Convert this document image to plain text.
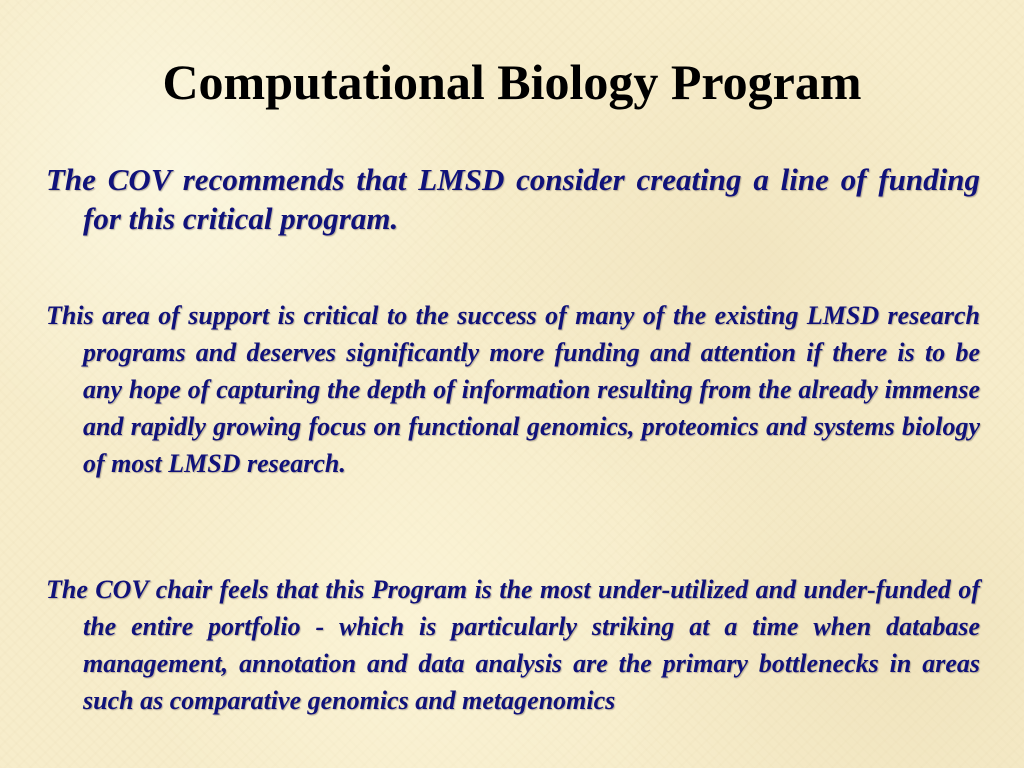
Computational Biology Program

The COV recommends that LMSD consider creating a line of funding for this critical program.

This area of support is critical to the success of many of the existing LMSD research programs and deserves significantly more funding and attention if there is to be any hope of capturing the depth of information resulting from the already immense and rapidly growing focus on functional genomics, proteomics and systems biology of most LMSD research.

The COV chair feels that this Program is the most under-utilized and under-funded of the entire portfolio - which is particularly striking at a time when database management, annotation and data analysis are the primary bottlenecks in areas such as comparative genomics and metagenomics
